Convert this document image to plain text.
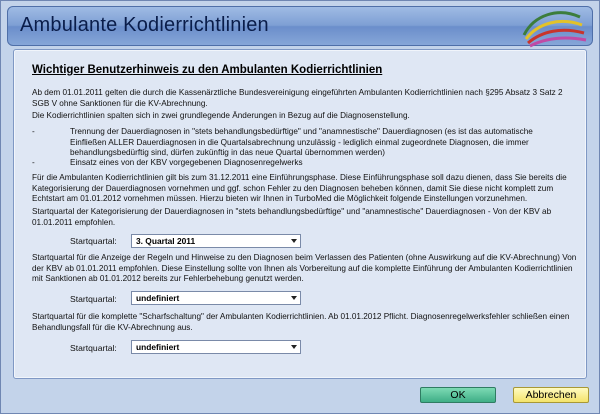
Ambulante Kodierrichtlinien
Wichtiger Benutzerhinweis zu den Ambulanten Kodierrichtlinien
Ab dem 01.01.2011 gelten die durch die Kassenärztliche Bundesvereinigung eingeführten Ambulanten Kodierrichtlinien nach §295 Absatz 3 Satz 2 SGB V ohne Sanktionen für die KV-Abrechnung.
Die Kodierrichtlinien spalten sich in zwei grundlegende Änderungen in Bezug auf die Diagnosenstellung.
-	Trennung der Dauerdiagnosen in "stets behandlungsbedürftige" und "anamnestische" Dauerdiagnosen (es ist das automatische Einfließen ALLER Dauerdiagnosen in die Quartalsabrechnung unzulässig - lediglich einmal zugeordnete Diagnosen, die immer behandlungsbedürftig sind, dürfen zukünftig in das neue Quartal übernommen werden)
-	Einsatz eines von der KBV vorgegebenen Diagnosenregelwerks
Für die Ambulanten Kodierrichtlinien gilt bis zum 31.12.2011 eine Einführungsphase. Diese Einführungsphase soll dazu dienen, dass Sie bereits die Kategorisierung der Dauerdiagnosen vornehmen und ggf. schon Fehler zu den Diagnosen beheben können, damit Sie diese nicht komplett zum Echtstart am 01.01.2012 vornehmen müssen. Hierzu bieten wir Ihnen in TurboMed die Möglichkeit folgende Einstellungen vorzunehmen.
Startquartal der Kategorisierung der Dauerdiagnosen in "stets behandlungsbedürftige" und "anamnestische" Dauerdiagnosen - Von der KBV ab 01.01.2011 empfohlen.
Startquartal:	3. Quartal 2011
Startquartal für die Anzeige der Regeln und Hinweise zu den Diagnosen beim Verlassen des Patienten (ohne Auswirkung auf die KV-Abrechnung) Von der KBV ab 01.01.2011 empfohlen. Diese Einstellung sollte von Ihnen als Vorbereitung auf die komplette Einführung der Ambulanten Kodierrichtlinien mit Sanktionen ab 01.01.2012 bereits zur Fehlerbehebung genutzt werden.
Startquartal:	undefiniert
Startquartal für die komplette "Scharfschaltung" der Ambulanten Kodierrichtlinien. Ab 01.01.2012 Pflicht. Diagnosenregelwerksfehler schließen einen Behandlungsfall für die KV-Abrechnung aus.
Startquartal:	undefiniert
OK	Abbrechen
